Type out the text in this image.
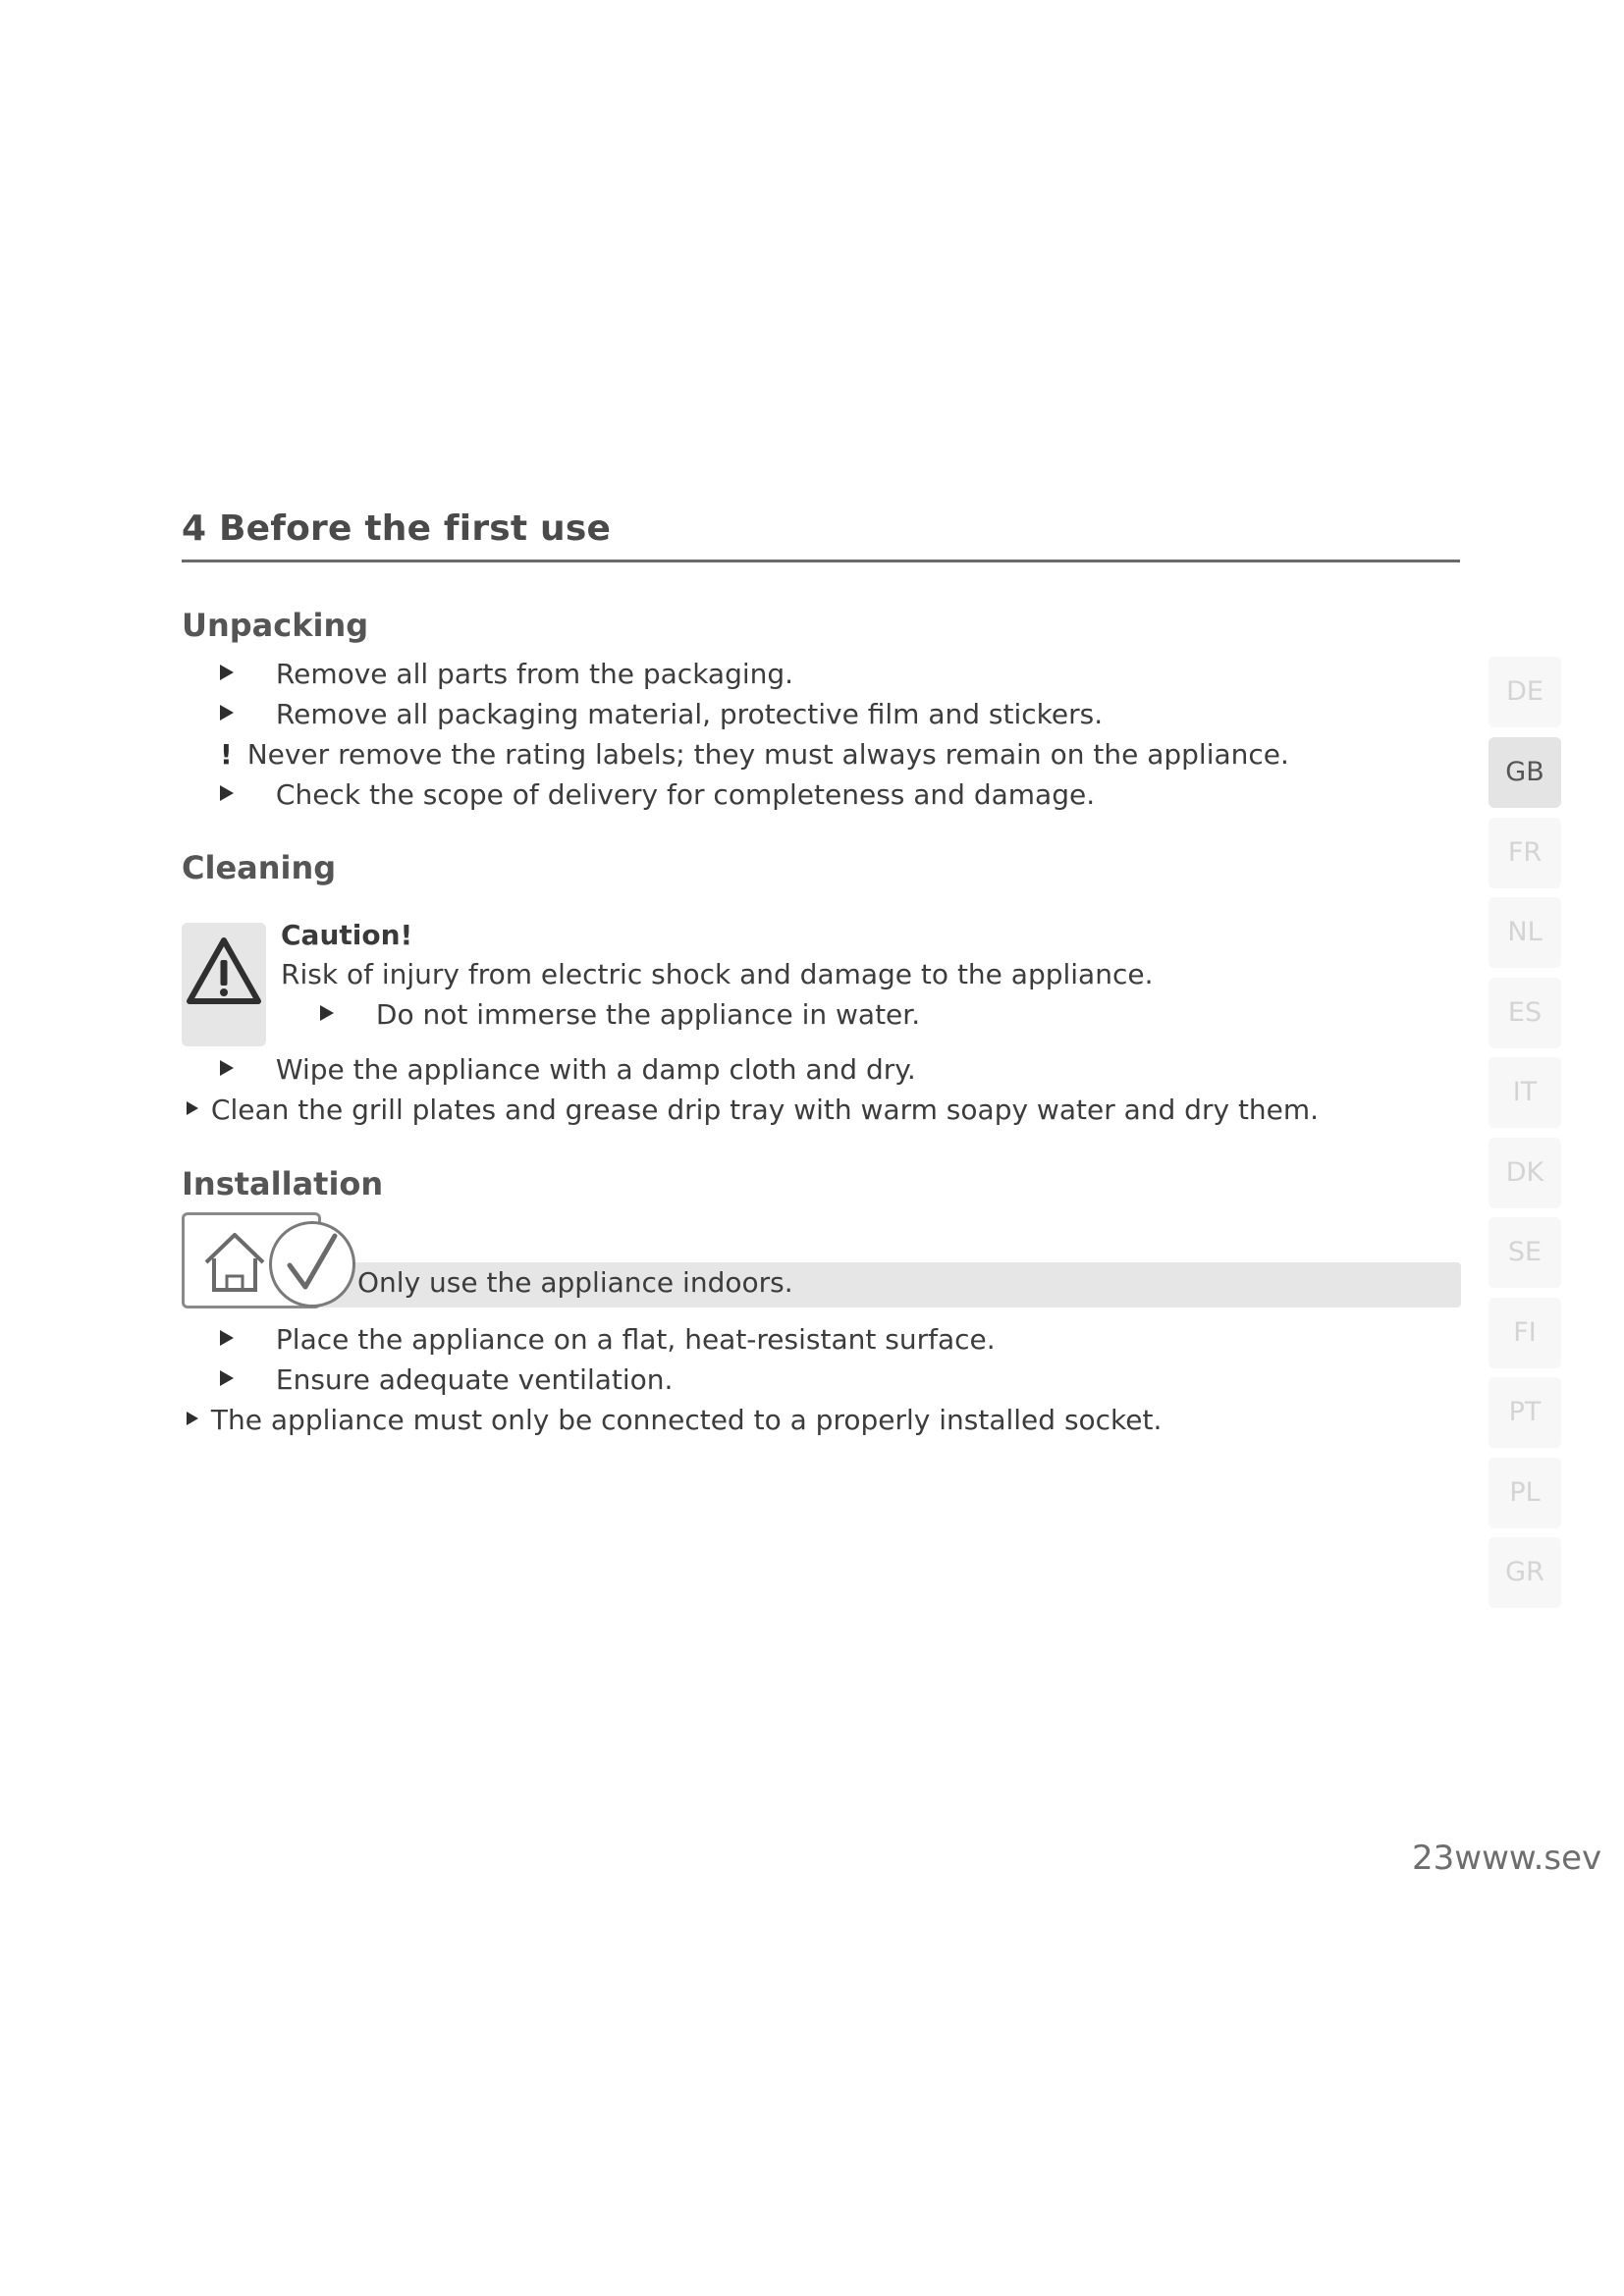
4 Before the first use
Unpacking
Remove all parts from the packaging.
Remove all packaging material, protective film and stickers.
! Never remove the rating labels; they must always remain on the appliance.
Check the scope of delivery for completeness and damage.
Cleaning
Caution!
Risk of injury from electric shock and damage to the appliance.
Do not immerse the appliance in water.
Wipe the appliance with a damp cloth and dry.
Clean the grill plates and grease drip tray with warm soapy water and dry them.
Installation
Only use the appliance indoors.
Place the appliance on a flat, heat-resistant surface.
Ensure adequate ventilation.
The appliance must only be connected to a properly installed socket.
DE
GB
FR
NL
ES
IT
DK
SE
FI
PT
PL
GR
23www.sev
